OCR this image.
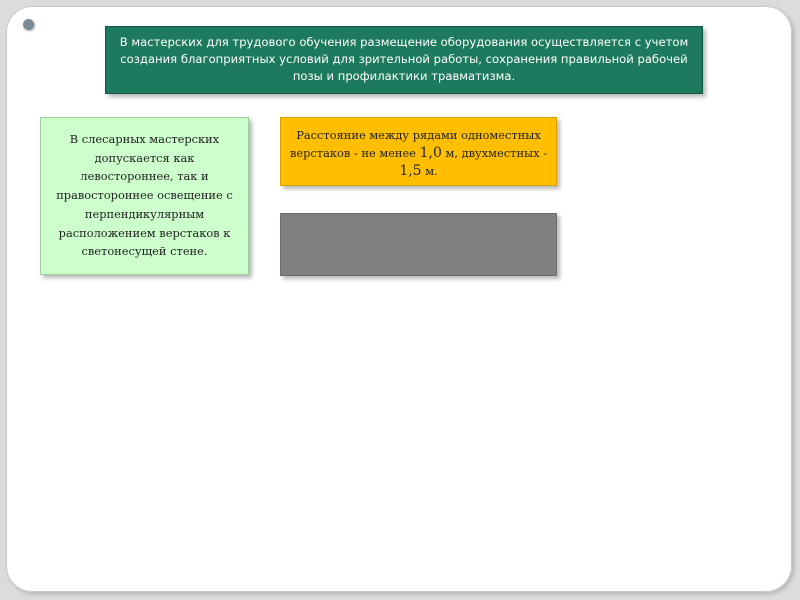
В мастерских для трудового обучения размещение оборудования осуществляется с учетом создания благоприятных условий для зрительной работы, сохранения правильной рабочей позы и профилактики травматизма.
В слесарных мастерских допускается как левостороннее, так и правостороннее освещение с перпендикулярным расположением верстаков к светонесущей стене.
Расстояние между рядами одноместных верстаков - не менее 1,0 м, двухместных - 1,5 м.
